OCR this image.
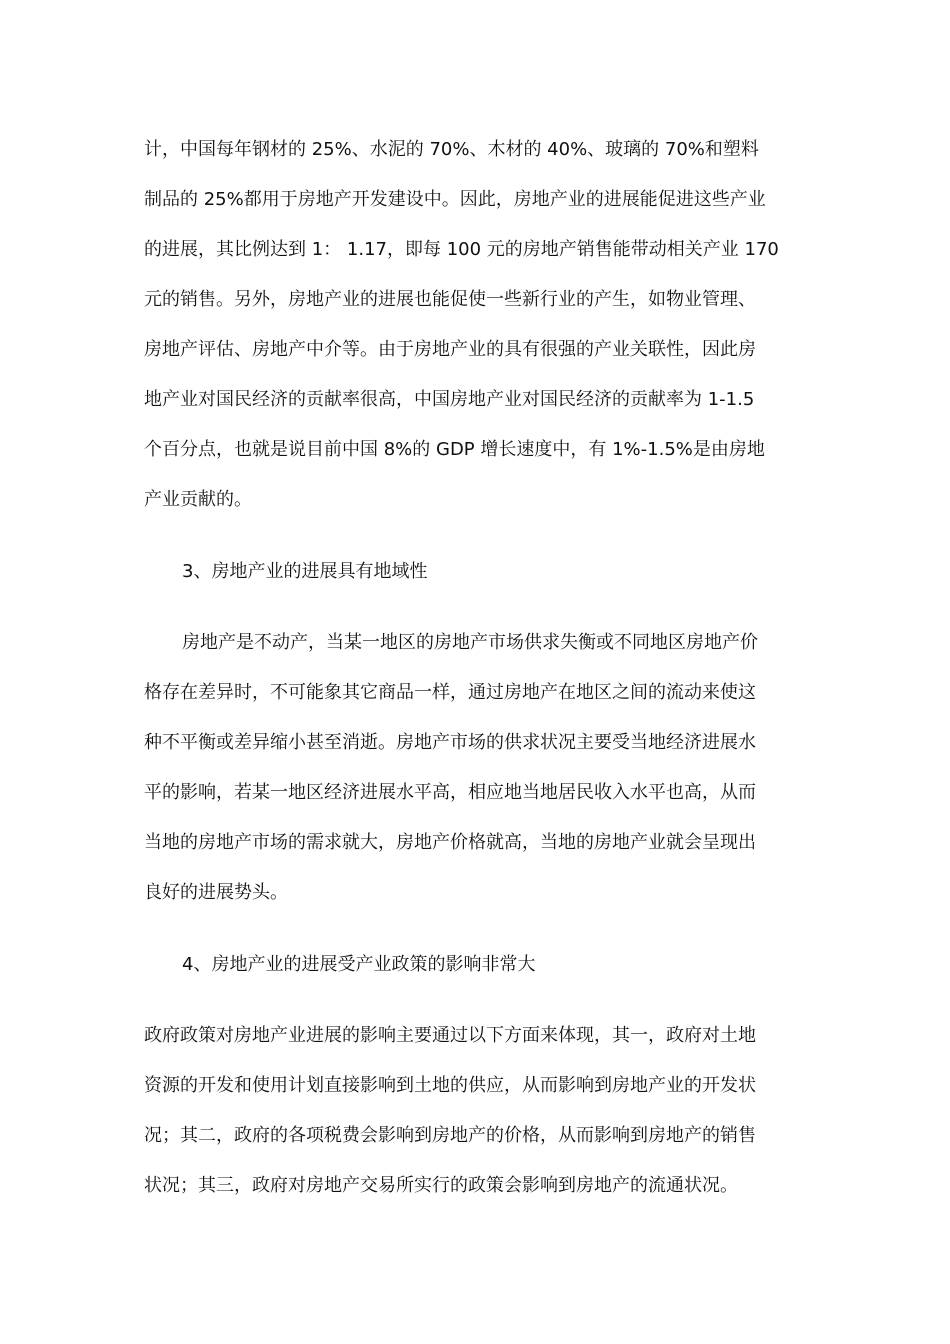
计，中国每年钢材的 25%、水泥的 70%、木材的 40%、玻璃的 70%和塑料
制品的 25%都用于房地产开发建设中。因此，房地产业的进展能促进这些产业
的进展，其比例达到 1： 1.17，即每 100 元的房地产销售能带动相关产业 170
元的销售。另外，房地产业的进展也能促使一些新行业的产生，如物业管理、
房地产评估、房地产中介等。由于房地产业的具有很强的产业关联性，因此房
地产业对国民经济的贡献率很高，中国房地产业对国民经济的贡献率为 1-1.5
个百分点，也就是说目前中国 8%的 GDP 增长速度中，有 1%-1.5%是由房地
产业贡献的。
3、房地产业的进展具有地域性
房地产是不动产，当某一地区的房地产市场供求失衡或不同地区房地产价
格存在差异时，不可能象其它商品一样，通过房地产在地区之间的流动来使这
种不平衡或差异缩小甚至消逝。房地产市场的供求状况主要受当地经济进展水
平的影响，若某一地区经济进展水平高，相应地当地居民收入水平也高，从而
当地的房地产市场的需求就大，房地产价格就高，当地的房地产业就会呈现出
良好的进展势头。
4、房地产业的进展受产业政策的影响非常大
政府政策对房地产业进展的影响主要通过以下方面来体现，其一，政府对土地
资源的开发和使用计划直接影响到土地的供应，从而影响到房地产业的开发状
况；其二，政府的各项税费会影响到房地产的价格，从而影响到房地产的销售
状况；其三，政府对房地产交易所实行的政策会影响到房地产的流通状况。
